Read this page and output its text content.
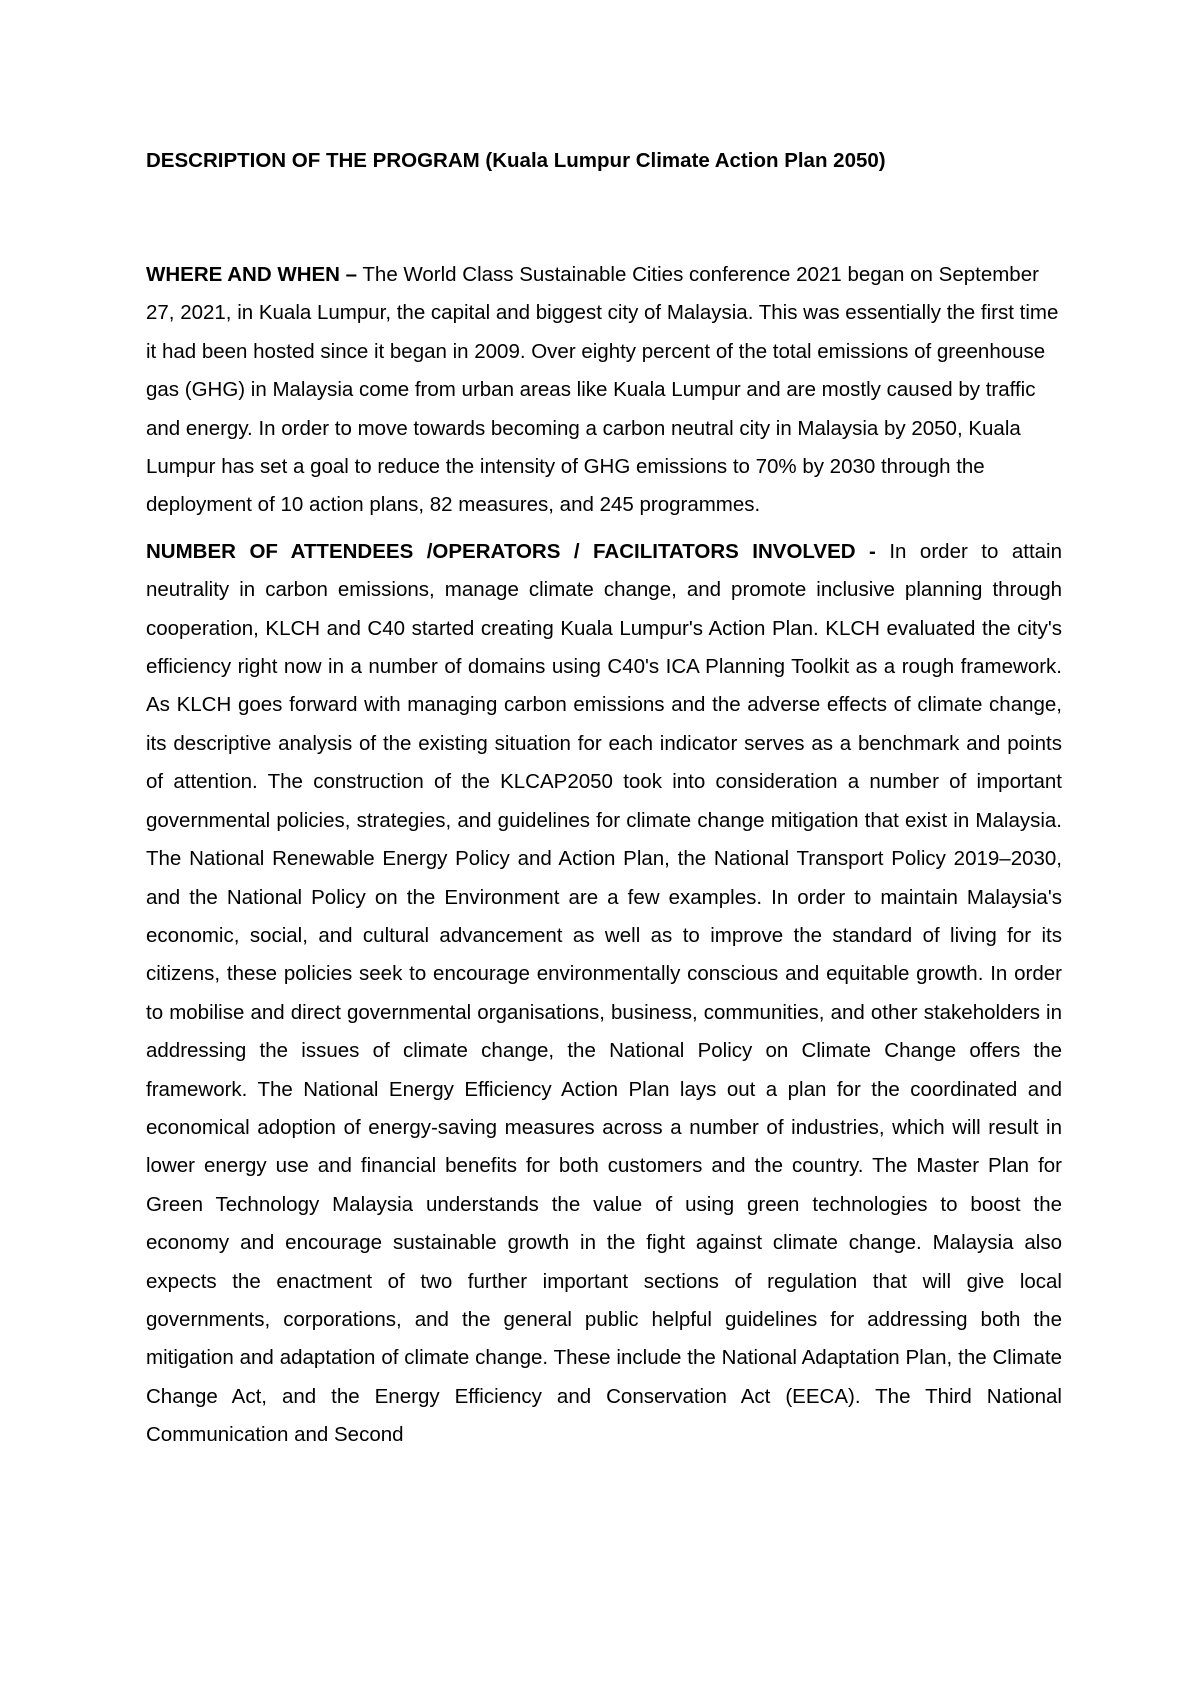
DESCRIPTION OF THE PROGRAM (Kuala Lumpur Climate Action Plan 2050)

WHERE AND WHEN – The World Class Sustainable Cities conference 2021 began on September 27, 2021, in Kuala Lumpur, the capital and biggest city of Malaysia. This was essentially the first time it had been hosted since it began in 2009. Over eighty percent of the total emissions of greenhouse gas (GHG) in Malaysia come from urban areas like Kuala Lumpur and are mostly caused by traffic and energy. In order to move towards becoming a carbon neutral city in Malaysia by 2050, Kuala Lumpur has set a goal to reduce the intensity of GHG emissions to 70% by 2030 through the deployment of 10 action plans, 82 measures, and 245 programmes.

NUMBER OF ATTENDEES /OPERATORS / FACILITATORS INVOLVED - In order to attain neutrality in carbon emissions, manage climate change, and promote inclusive planning through cooperation, KLCH and C40 started creating Kuala Lumpur's Action Plan. KLCH evaluated the city's efficiency right now in a number of domains using C40's ICA Planning Toolkit as a rough framework. As KLCH goes forward with managing carbon emissions and the adverse effects of climate change, its descriptive analysis of the existing situation for each indicator serves as a benchmark and points of attention. The construction of the KLCAP2050 took into consideration a number of important governmental policies, strategies, and guidelines for climate change mitigation that exist in Malaysia. The National Renewable Energy Policy and Action Plan, the National Transport Policy 2019–2030, and the National Policy on the Environment are a few examples. In order to maintain Malaysia's economic, social, and cultural advancement as well as to improve the standard of living for its citizens, these policies seek to encourage environmentally conscious and equitable growth. In order to mobilise and direct governmental organisations, business, communities, and other stakeholders in addressing the issues of climate change, the National Policy on Climate Change offers the framework. The National Energy Efficiency Action Plan lays out a plan for the coordinated and economical adoption of energy-saving measures across a number of industries, which will result in lower energy use and financial benefits for both customers and the country. The Master Plan for Green Technology Malaysia understands the value of using green technologies to boost the economy and encourage sustainable growth in the fight against climate change. Malaysia also expects the enactment of two further important sections of regulation that will give local governments, corporations, and the general public helpful guidelines for addressing both the mitigation and adaptation of climate change. These include the National Adaptation Plan, the Climate Change Act, and the Energy Efficiency and Conservation Act (EECA). The Third National Communication and Second
